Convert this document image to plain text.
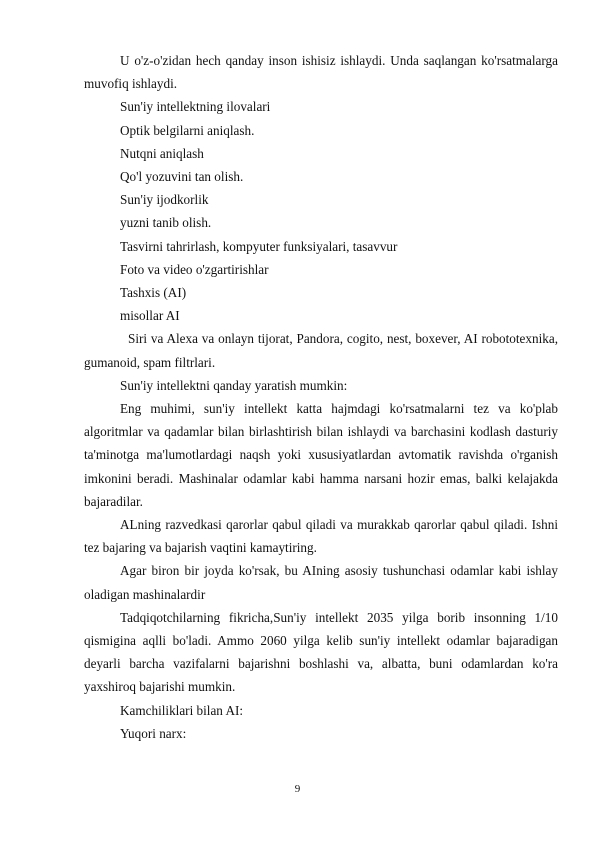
U o'z-o'zidan hech qanday inson ishisiz ishlaydi. Unda saqlangan ko'rsatmalarga muvofiq ishlaydi.

Sun'iy intellektning ilovalari

Optik belgilarni aniqlash.

Nutqni aniqlash

Qo'l yozuvini tan olish.

Sun'iy ijodkorlik

yuzni tanib olish.

Tasvirni tahrirlash, kompyuter funksiyalari, tasavvur

Foto va video o'zgartirishlar

Tashxis (AI)

misollar AI

Siri va Alexa va onlayn tijorat, Pandora, cogito, nest, boxever, AI robototexnika, gumanoid, spam filtrlari.

Sun'iy intellektni qanday yaratish mumkin:

Eng muhimi, sun'iy intellekt katta hajmdagi ko'rsatmalarni tez va ko'plab algoritmlar va qadamlar bilan birlashtirish bilan ishlaydi va barchasini kodlash dasturiy ta'minotga ma'lumotlardagi naqsh yoki xususiyatlardan avtomatik ravishda o'rganish imkonini beradi. Mashinalar odamlar kabi hamma narsani hozir emas, balki kelajakda bajaradilar.

ALning razvedkasi qarorlar qabul qiladi va murakkab qarorlar qabul qiladi. Ishni tez bajaring va bajarish vaqtini kamaytiring.

Agar biron bir joyda ko'rsak, bu AIning asosiy tushunchasi odamlar kabi ishlay oladigan mashinalardir

Tadqiqotchilarning fikricha,Sun'iy intellekt 2035 yilga borib insonning 1/10 qismigina aqlli bo'ladi. Ammo 2060 yilga kelib sun'iy intellekt odamlar bajaradigan deyarli barcha vazifalarni bajarishni boshlashi va, albatta, buni odamlardan ko'ra yaxshiroq bajarishi mumkin.

Kamchiliklari bilan AI:

Yuqori narx:

9
